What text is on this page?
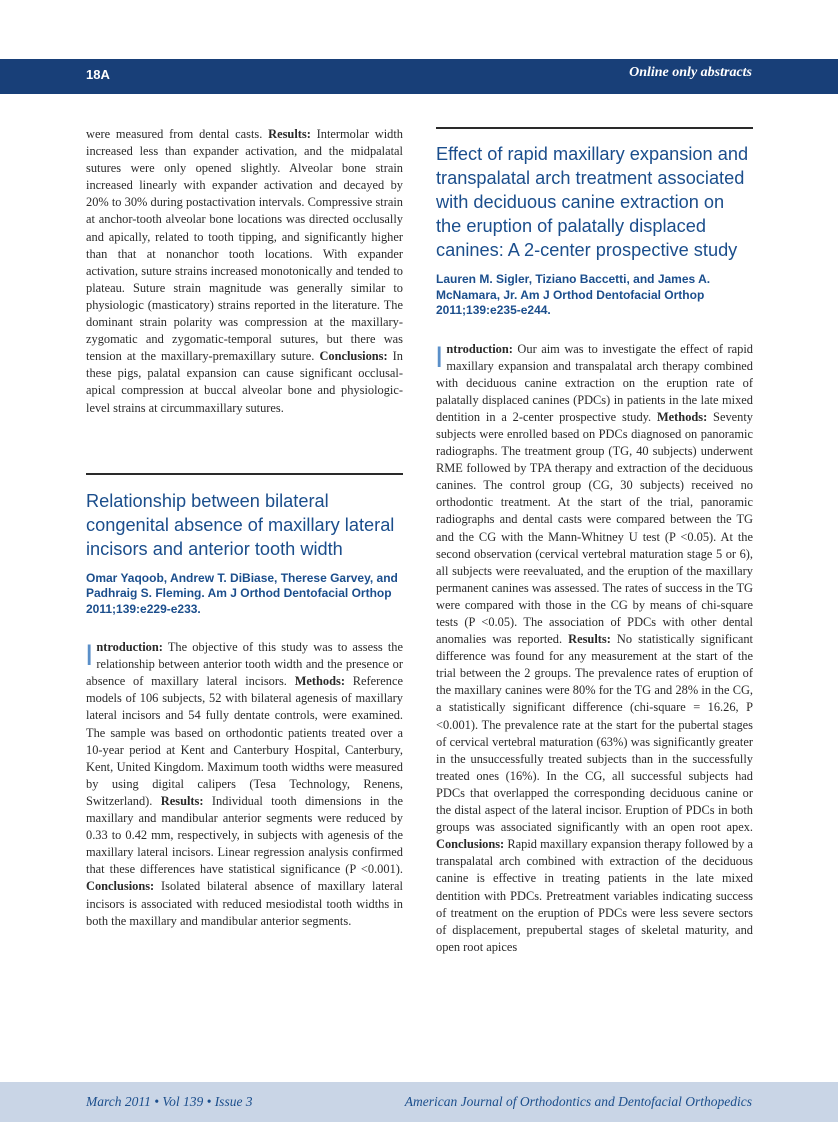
18A	Online only abstracts

were measured from dental casts. Results: Intermolar width increased less than expander activation, and the midpalatal sutures were only opened slightly. Alveolar bone strain increased linearly with expander activation and decayed by 20% to 30% during postactivation intervals. Compressive strain at anchor-tooth alveolar bone locations was directed occlusally and apically, related to tooth tipping, and significantly higher than that at nonanchor tooth locations. With expander activation, suture strains increased monotonically and tended to plateau. Suture strain magnitude was generally similar to physiologic (masticatory) strains reported in the literature. The dominant strain polarity was compression at the maxillary-zygomatic and zygomatic-temporal sutures, but there was tension at the maxillary-premaxillary suture. Conclusions: In these pigs, palatal expansion can cause significant occlusal-apical compression at buccal alveolar bone and physiologic-level strains at circummaxillary sutures.

Relationship between bilateral congenital absence of maxillary lateral incisors and anterior tooth width

Omar Yaqoob, Andrew T. DiBiase, Therese Garvey, and Padhraig S. Fleming. Am J Orthod Dentofacial Orthop 2011;139:e229-e233.

I ntroduction: The objective of this study was to assess the relationship between anterior tooth width and the presence or absence of maxillary lateral incisors. Methods: Reference models of 106 subjects, 52 with bilateral agenesis of maxillary lateral incisors and 54 fully dentate controls, were examined. The sample was based on orthodontic patients treated over a 10-year period at Kent and Canterbury Hospital, Canterbury, Kent, United Kingdom. Maximum tooth widths were measured by using digital calipers (Tesa Technology, Renens, Switzerland). Results: Individual tooth dimensions in the maxillary and mandibular anterior segments were reduced by 0.33 to 0.42 mm, respectively, in subjects with agenesis of the maxillary lateral incisors. Linear regression analysis confirmed that these differences have statistical significance (P <0.001). Conclusions: Isolated bilateral absence of maxillary lateral incisors is associated with reduced mesiodistal tooth widths in both the maxillary and mandibular anterior segments.

Effect of rapid maxillary expansion and transpalatal arch treatment associated with deciduous canine extraction on the eruption of palatally displaced canines: A 2-center prospective study

Lauren M. Sigler, Tiziano Baccetti, and James A. McNamara, Jr. Am J Orthod Dentofacial Orthop 2011;139:e235-e244.

I ntroduction: Our aim was to investigate the effect of rapid maxillary expansion and transpalatal arch therapy combined with deciduous canine extraction on the eruption rate of palatally displaced canines (PDCs) in patients in the late mixed dentition in a 2-center prospective study. Methods: Seventy subjects were enrolled based on PDCs diagnosed on panoramic radiographs. The treatment group (TG, 40 subjects) underwent RME followed by TPA therapy and extraction of the deciduous canines. The control group (CG, 30 subjects) received no orthodontic treatment. At the start of the trial, panoramic radiographs and dental casts were compared between the TG and the CG with the Mann-Whitney U test (P <0.05). At the second observation (cervical vertebral maturation stage 5 or 6), all subjects were reevaluated, and the eruption of the maxillary permanent canines was assessed. The rates of success in the TG were compared with those in the CG by means of chi-square tests (P <0.05). The association of PDCs with other dental anomalies was reported. Results: No statistically significant difference was found for any measurement at the start of the trial between the 2 groups. The prevalence rates of eruption of the maxillary canines were 80% for the TG and 28% in the CG, a statistically significant difference (chi-square = 16.26, P <0.001). The prevalence rate at the start for the pubertal stages of cervical vertebral maturation (63%) was significantly greater in the unsuccessfully treated subjects than in the successfully treated ones (16%). In the CG, all successful subjects had PDCs that overlapped the corresponding deciduous canine or the distal aspect of the lateral incisor. Eruption of PDCs in both groups was associated significantly with an open root apex. Conclusions: Rapid maxillary expansion therapy followed by a transpalatal arch combined with extraction of the deciduous canine is effective in treating patients in the late mixed dentition with PDCs. Pretreatment variables indicating success of treatment on the eruption of PDCs were less severe sectors of displacement, prepubertal stages of skeletal maturity, and open root apices

March 2011 • Vol 139 • Issue 3	American Journal of Orthodontics and Dentofacial Orthopedics
